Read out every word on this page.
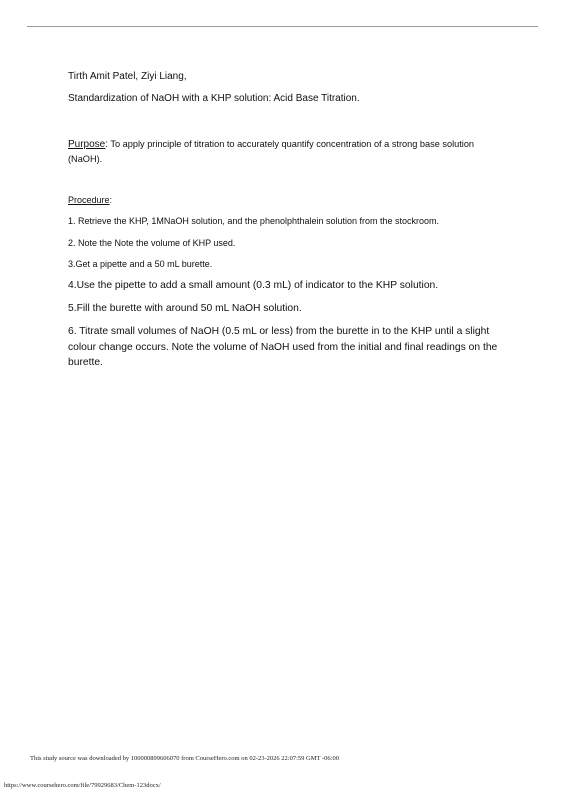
Tirth Amit Patel, Ziyi Liang,
Standardization of NaOH with a KHP solution: Acid Base Titration.
Purpose: To apply principle of titration to accurately quantify concentration of a strong base solution (NaOH).
Procedure:
1. Retrieve the KHP, 1MNaOH solution, and the phenolphthalein solution from the stockroom.
2. Note the Note the volume of KHP used.
3.Get a pipette and a 50 mL burette.
4.Use the pipette to add a small amount (0.3 mL) of indicator to the KHP solution.
5.Fill the burette with around 50 mL NaOH solution.
6. Titrate small volumes of NaOH (0.5 mL or less) from the burette in to the KHP until a slight colour change occurs. Note the volume of NaOH used from the initial and final readings on the burette.
This study source was downloaded by 100000899606070 from CourseHero.com on 02-23-2026 22:07:59 GMT -06:00
https://www.coursehero.com/file/79929683/Chem-123docx/
